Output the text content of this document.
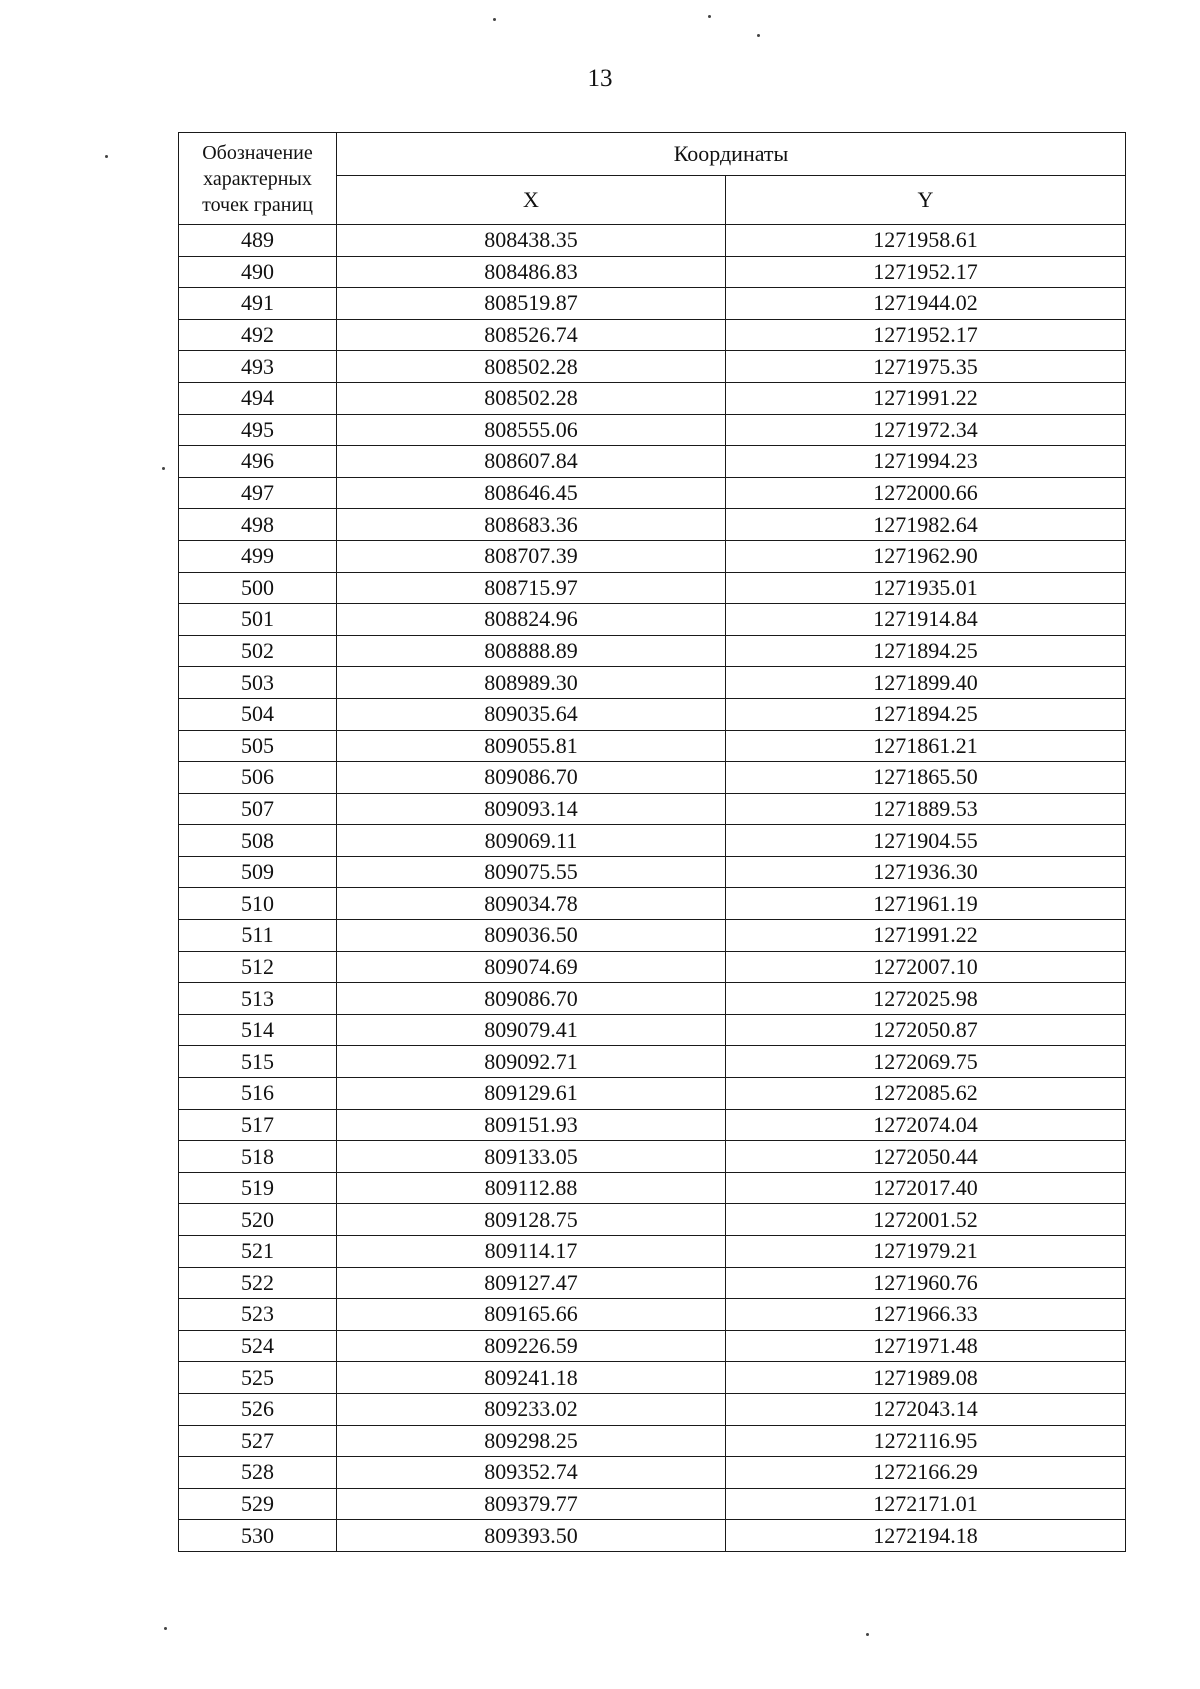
13
Обозначение характерных точек границ	Координаты	
	X	Y
489	808438.35	1271958.61
490	808486.83	1271952.17
491	808519.87	1271944.02
492	808526.74	1271952.17
493	808502.28	1271975.35
494	808502.28	1271991.22
495	808555.06	1271972.34
496	808607.84	1271994.23
497	808646.45	1272000.66
498	808683.36	1271982.64
499	808707.39	1271962.90
500	808715.97	1271935.01
501	808824.96	1271914.84
502	808888.89	1271894.25
503	808989.30	1271899.40
504	809035.64	1271894.25
505	809055.81	1271861.21
506	809086.70	1271865.50
507	809093.14	1271889.53
508	809069.11	1271904.55
509	809075.55	1271936.30
510	809034.78	1271961.19
511	809036.50	1271991.22
512	809074.69	1272007.10
513	809086.70	1272025.98
514	809079.41	1272050.87
515	809092.71	1272069.75
516	809129.61	1272085.62
517	809151.93	1272074.04
518	809133.05	1272050.44
519	809112.88	1272017.40
520	809128.75	1272001.52
521	809114.17	1271979.21
522	809127.47	1271960.76
523	809165.66	1271966.33
524	809226.59	1271971.48
525	809241.18	1271989.08
526	809233.02	1272043.14
527	809298.25	1272116.95
528	809352.74	1272166.29
529	809379.77	1272171.01
530	809393.50	1272194.18
